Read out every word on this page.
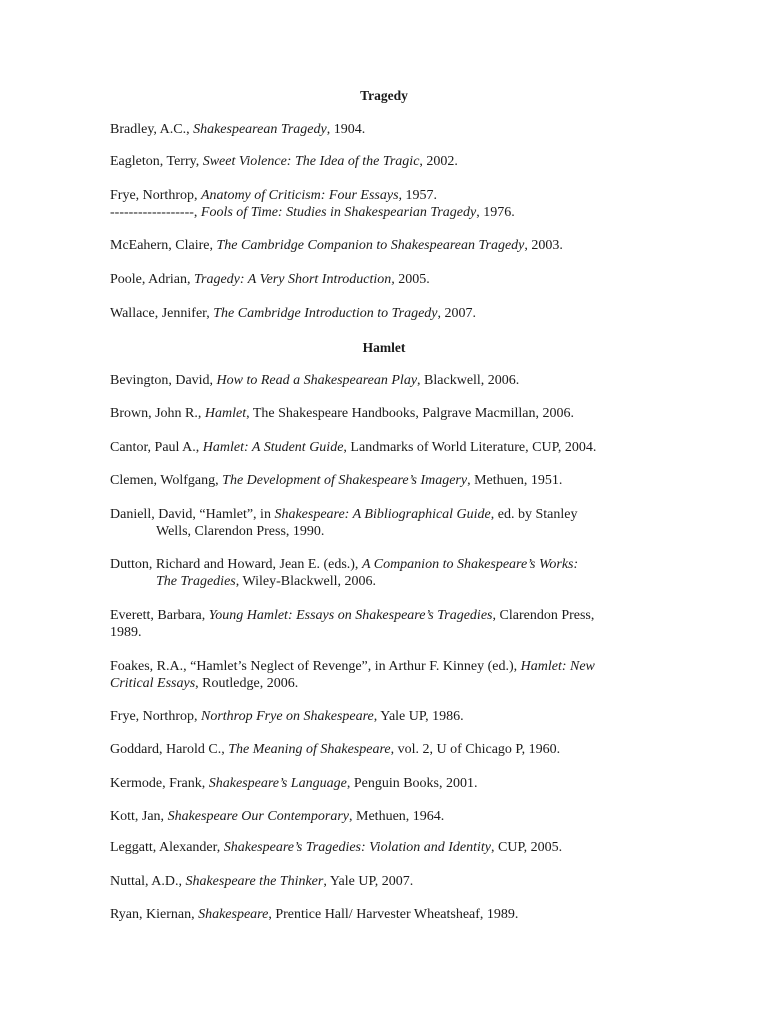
Tragedy
Bradley, A.C., Shakespearean Tragedy, 1904.
Eagleton, Terry, Sweet Violence: The Idea of the Tragic, 2002.
Frye, Northrop, Anatomy of Criticism: Four Essays, 1957.
------------------, Fools of Time: Studies in Shakespearian Tragedy, 1976.
McEahern, Claire, The Cambridge Companion to Shakespearean Tragedy, 2003.
Poole, Adrian, Tragedy: A Very Short Introduction, 2005.
Wallace, Jennifer, The Cambridge Introduction to Tragedy, 2007.
Hamlet
Bevington, David, How to Read a Shakespearean Play, Blackwell, 2006.
Brown, John R., Hamlet, The Shakespeare Handbooks, Palgrave Macmillan, 2006.
Cantor, Paul A., Hamlet: A Student Guide, Landmarks of World Literature, CUP, 2004.
Clemen, Wolfgang, The Development of Shakespeare’s Imagery, Methuen, 1951.
Daniell, David, “Hamlet”, in Shakespeare: A Bibliographical Guide, ed. by Stanley
Wells, Clarendon Press, 1990.
Dutton, Richard and Howard, Jean E. (eds.), A Companion to Shakespeare’s Works:
The Tragedies, Wiley-Blackwell, 2006.
Everett, Barbara, Young Hamlet: Essays on Shakespeare’s Tragedies, Clarendon Press,
1989.
Foakes, R.A., “Hamlet’s Neglect of Revenge”, in Arthur F. Kinney (ed.), Hamlet: New
Critical Essays, Routledge, 2006.
Frye, Northrop, Northrop Frye on Shakespeare, Yale UP, 1986.
Goddard, Harold C., The Meaning of Shakespeare, vol. 2, U of Chicago P, 1960.
Kermode, Frank, Shakespeare’s Language, Penguin Books, 2001.
Kott, Jan, Shakespeare Our Contemporary, Methuen, 1964.
Leggatt, Alexander, Shakespeare’s Tragedies: Violation and Identity, CUP, 2005.
Nuttal, A.D., Shakespeare the Thinker, Yale UP, 2007.
Ryan, Kiernan, Shakespeare, Prentice Hall/ Harvester Wheatsheaf, 1989.
